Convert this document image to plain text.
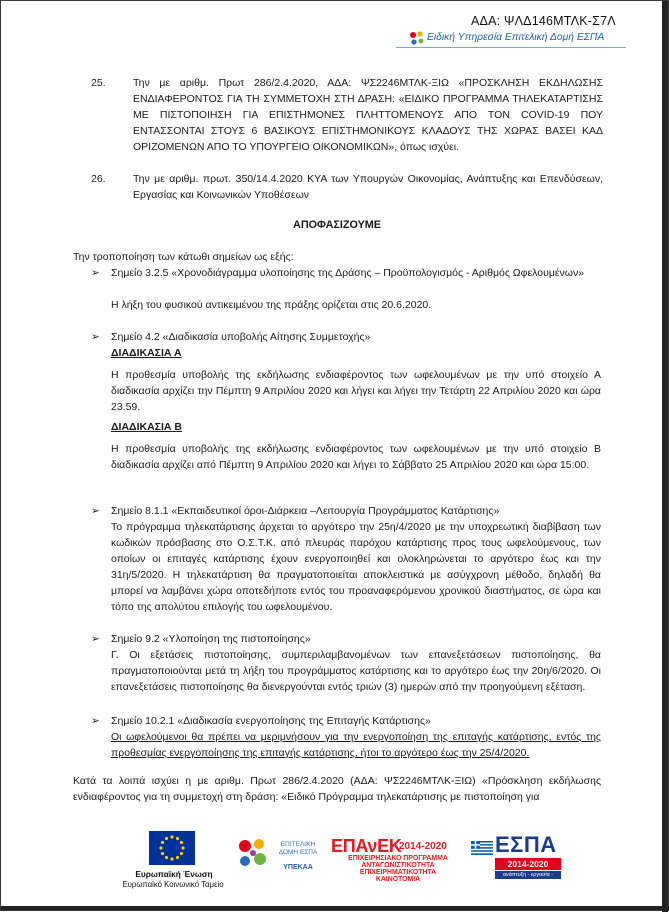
ΑΔΑ: ΨΛΔ146ΜΤΛΚ-Σ7Λ
Ειδική Υπηρεσία Επιτελική Δομή ΕΣΠΑ
25.	Την με αριθμ. Πρωτ 286/2.4.2020, ΑΔΑ: ΨΣ2246ΜΤΛΚ-ΞΙΩ «ΠΡΟΣΚΛΗΣΗ ΕΚΔΗΛΩΣΗΣ ΕΝΔΙΑΦΕΡΟΝΤΟΣ ΓΙΑ ΤΗ ΣΥΜΜΕΤΟΧΗ ΣΤΗ ΔΡΑΣΗ: «ΕΙΔΙΚΟ ΠΡΟΓΡΑΜΜΑ ΤΗΛΕΚΑΤΑΡΤΙΣΗΣ ΜΕ ΠΙΣΤΟΠΟΙΗΣΗ ΓΙΑ ΕΠΙΣΤΗΜΟΝΕΣ ΠΛΗΤΤΟΜΕΝΟΥΣ ΑΠΟ ΤΟΝ COVID-19 ΠΟΥ ΕΝΤΑΣΣΟΝΤΑΙ ΣΤΟΥΣ 6 ΒΑΣΙΚΟΥΣ ΕΠΙΣΤΗΜΟΝΙΚΟΥΣ ΚΛΑΔΟΥΣ ΤΗΣ ΧΩΡΑΣ ΒΑΣΕΙ ΚΑΔ ΟΡΙΖΟΜΕΝΩΝ ΑΠΟ ΤΟ ΥΠΟΥΡΓΕΙΟ ΟΙΚΟΝΟΜΙΚΩΝ», όπως ισχύει.
26.	Την με αριθμ. πρωτ. 350/14.4.2020 ΚΥΑ των Υπουργών Οικονομίας, Ανάπτυξης και Επενδύσεων, Εργασίας και Κοινωνικών Υποθέσεων
ΑΠΟΦΑΣΙΖΟΥΜΕ
Την τροποποίηση των κάτωθι σημείων ως εξής:
➢	Σημείο 3.2.5 «Χρονοδιάγραμμα υλοποίησης της Δράσης – Προϋπολογισμός - Αριθμός Ωφελουμένων»
Η λήξη του φυσικού αντικειμένου της πράξης ορίζεται στις 20.6.2020.
➢	Σημείο 4.2 «Διαδικασία υποβολής Αίτησης Συμμετοχής»
ΔΙΑΔΙΚΑΣΙΑ Α
Η προθεσμία υποβολής της εκδήλωσης ενδιαφέροντος των ωφελουμένων με την υπό στοιχείο Α διαδικασία αρχίζει την Πέμπτη 9 Απριλίου 2020 και λήγει και λήγει την Τετάρτη 22 Απριλίου 2020 και ώρα 23.59.
ΔΙΑΔΙΚΑΣΙΑ Β
Η προθεσμία υποβολής της εκδήλωσης ενδιαφέροντος των ωφελουμένων με την υπό στοιχείο Β διαδικασία αρχίζει από Πέμπτη 9 Απριλίου 2020 και λήγει το Σάββατο 25 Απριλίου 2020 και ώρα 15:00.
➢	Σημείο 8.1.1 «Εκπαιδευτικοί όροι-Διάρκεια –Λειτουργία Προγράμματος Κατάρτισης»
Το πρόγραμμα τηλεκατάρτισης άρχεται το αργότερο την 25η/4/2020 με την υποχρεωτική διαβίβαση των κωδικών πρόσβασης στο Ο.Σ.Τ.Κ. από πλευράς παρόχου κατάρτισης προς τους ωφελούμενους, των οποίων οι επιταγές κατάρτισης έχουν ενεργοποιηθεί και ολοκληρώνεται το αργότερο έως και την 31η/5/2020. Η τηλεκατάρτιση θα πραγματοποιείται αποκλειστικά με ασύγχρονη μέθοδο, δηλαδή θα μπορεί να λαμβάνει χώρα οποτεδήποτε εντός του προαναφερόμενου χρονικού διαστήματος, σε ώρα και τόπο της απολύτου επιλογής του ωφελουμένου.
➢	Σημείο 9.2 «Υλοποίηση της πιστοποίησης»
Γ. Οι εξετάσεις πιστοποίησης, συμπεριλαμβανομένων των επανεξετάσεων πιστοποίησης, θα πραγματοποιούνται μετά τη λήξη του προγράμματος κατάρτισης και το αργότερο έως την 20η/6/2020. Οι επανεξετάσεις πιστοποίησης θα διενεργούνται εντός τριών (3) ημερών από την προηγούμενη εξέταση.
➢	Σημείο 10.2.1 «Διαδικασία ενεργοποίησης της Επιταγής Κατάρτισης»
Οι ωφελούμενοι θα πρέπει να μεριμνήσουν για την ενεργοποίηση της επιταγής κατάρτισης, εντός της προθεσμίας ενεργοποίησης της επιταγής κατάρτισης, ήτοι το αργότερο έως την 25/4/2020.
Κατά τα λοιπά ισχύει η με αριθμ. Πρωτ 286/2.4.2020 (ΑΔΑ: ΨΣ2246ΜΤΛΚ-ΞΙΩ) «Πρόσκληση εκδήλωσης ενδιαφέροντος για τη συμμετοχή στη δράση: «Ειδικό Πρόγραμμα τηλεκατάρτισης με πιστοποίηση για
Ευρωπαϊκή Ένωση
Ευρωπαϊκό Κοινωνικό Ταμείο
ΕΠΙΤΕΛΙΚΗ ΔΟΜΗ ΕΣΠΑ
ΥΠΕΚΑΑ
ΕΠΑνΕΚ
2014-2020
ΕΠΙΧΕΙΡΗΣΙΑΚΟ ΠΡΟΓΡΑΜΜΑ ΑΝΤΑΓΩΝΙΣΤΙΚΟΤΗΤΑ ΕΠΙΧΕΙΡΗΜΑΤΙΚΟΤΗΤΑ ΚΑΙΝΟΤΟΜΙΑ
ΕΣΠΑ
2014-2020
ανάπτυξη - εργασία - αλληλεγγύη
